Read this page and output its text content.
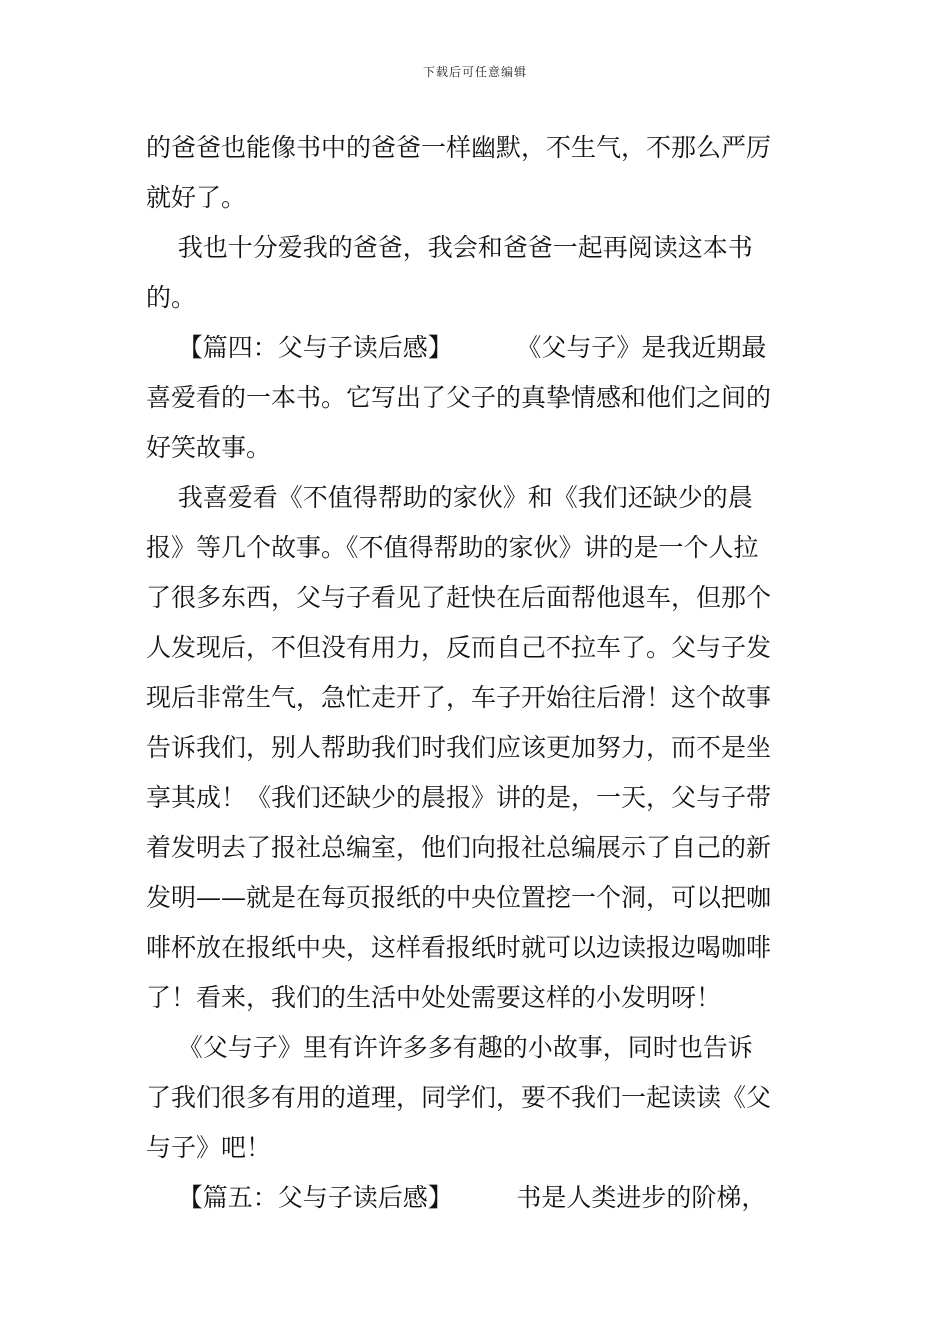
下载后可任意编辑
的爸爸也能像书中的爸爸一样幽默，不生气，不那么严厉
就好了。
我也十分爱我的爸爸，我会和爸爸一起再阅读这本书
的。
【篇四：父与子读后感】        《父与子》是我近期最
喜爱看的一本书。它写出了父子的真挚情感和他们之间的
好笑故事。
我喜爱看《不值得帮助的家伙》和《我们还缺少的晨
报》等几个故事。《不值得帮助的家伙》讲的是一个人拉
了很多东西，父与子看见了赶快在后面帮他退车，但那个
人发现后，不但没有用力，反而自己不拉车了。父与子发
现后非常生气，急忙走开了，车子开始往后滑！这个故事
告诉我们，别人帮助我们时我们应该更加努力，而不是坐
享其成！《我们还缺少的晨报》讲的是，一天，父与子带
着发明去了报社总编室，他们向报社总编展示了自己的新
发明——就是在每页报纸的中央位置挖一个洞，可以把咖
啡杯放在报纸中央，这样看报纸时就可以边读报边喝咖啡
了！看来，我们的生活中处处需要这样的小发明呀！
《父与子》里有许许多多有趣的小故事，同时也告诉
了我们很多有用的道理，同学们，要不我们一起读读《父
与子》吧！
【篇五：父与子读后感】        书是人类进步的阶梯，
